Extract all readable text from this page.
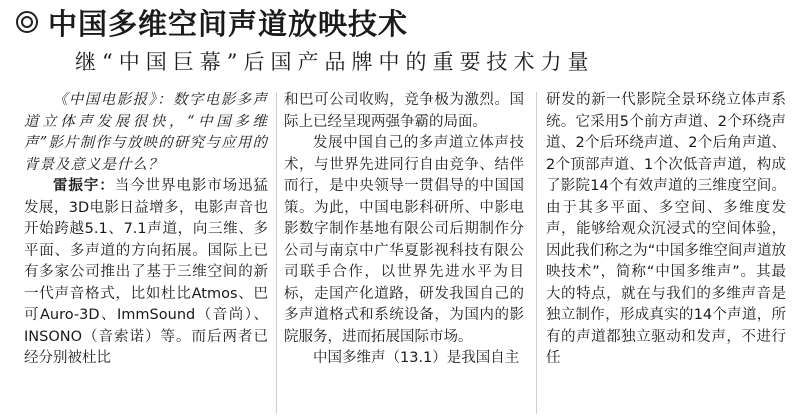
中国多维空间声道放映技术
继“中国巨幕”后国产品牌中的重要技术力量

《中国电影报》：数字电影多声道立体声发展很快，“中国多维声”影片制作与放映的研究与应用的背景及意义是什么？

雷振宇：当今世界电影市场迅猛发展，3D电影日益增多，电影声音也开始跨越5.1、7.1声道，向三维、多平面、多声道的方向拓展。国际上已有多家公司推出了基于三维空间的新一代声音格式，比如杜比Atmos、巴可Auro-3D、ImmSound（音尚）、INSONO（音索诺）等。而后两者已经分别被杜比

和巴可公司收购，竞争极为激烈。国际上已经呈现两强争霸的局面。

发展中国自己的多声道立体声技术，与世界先进同行自由竞争、结伴而行，是中央领导一贯倡导的中国国策。为此，中国电影科研所、中影电影数字制作基地有限公司后期制作分公司与南京中广华夏影视科技有限公司联手合作，以世界先进水平为目标，走国产化道路，研发我国自己的多声道格式和系统设备，为国内的影院服务，进而拓展国际市场。

中国多维声（13.1）是我国自主

研发的新一代影院全景环绕立体声系统。它采用5个前方声道、2个环绕声道、2个后环绕声道、2个后角声道、2个顶部声道、1个次低音声道，构成了影院14个有效声道的三维度空间。由于其多平面、多空间、多维度发声，能够给观众沉浸式的空间体验，因此我们称之为“中国多维空间声道放映技术”，简称“中国多维声”。其最大的特点，就在与我们的多维声音是独立制作，形成真实的14个声道，所有的声道都独立驱动和发声，不进行任
